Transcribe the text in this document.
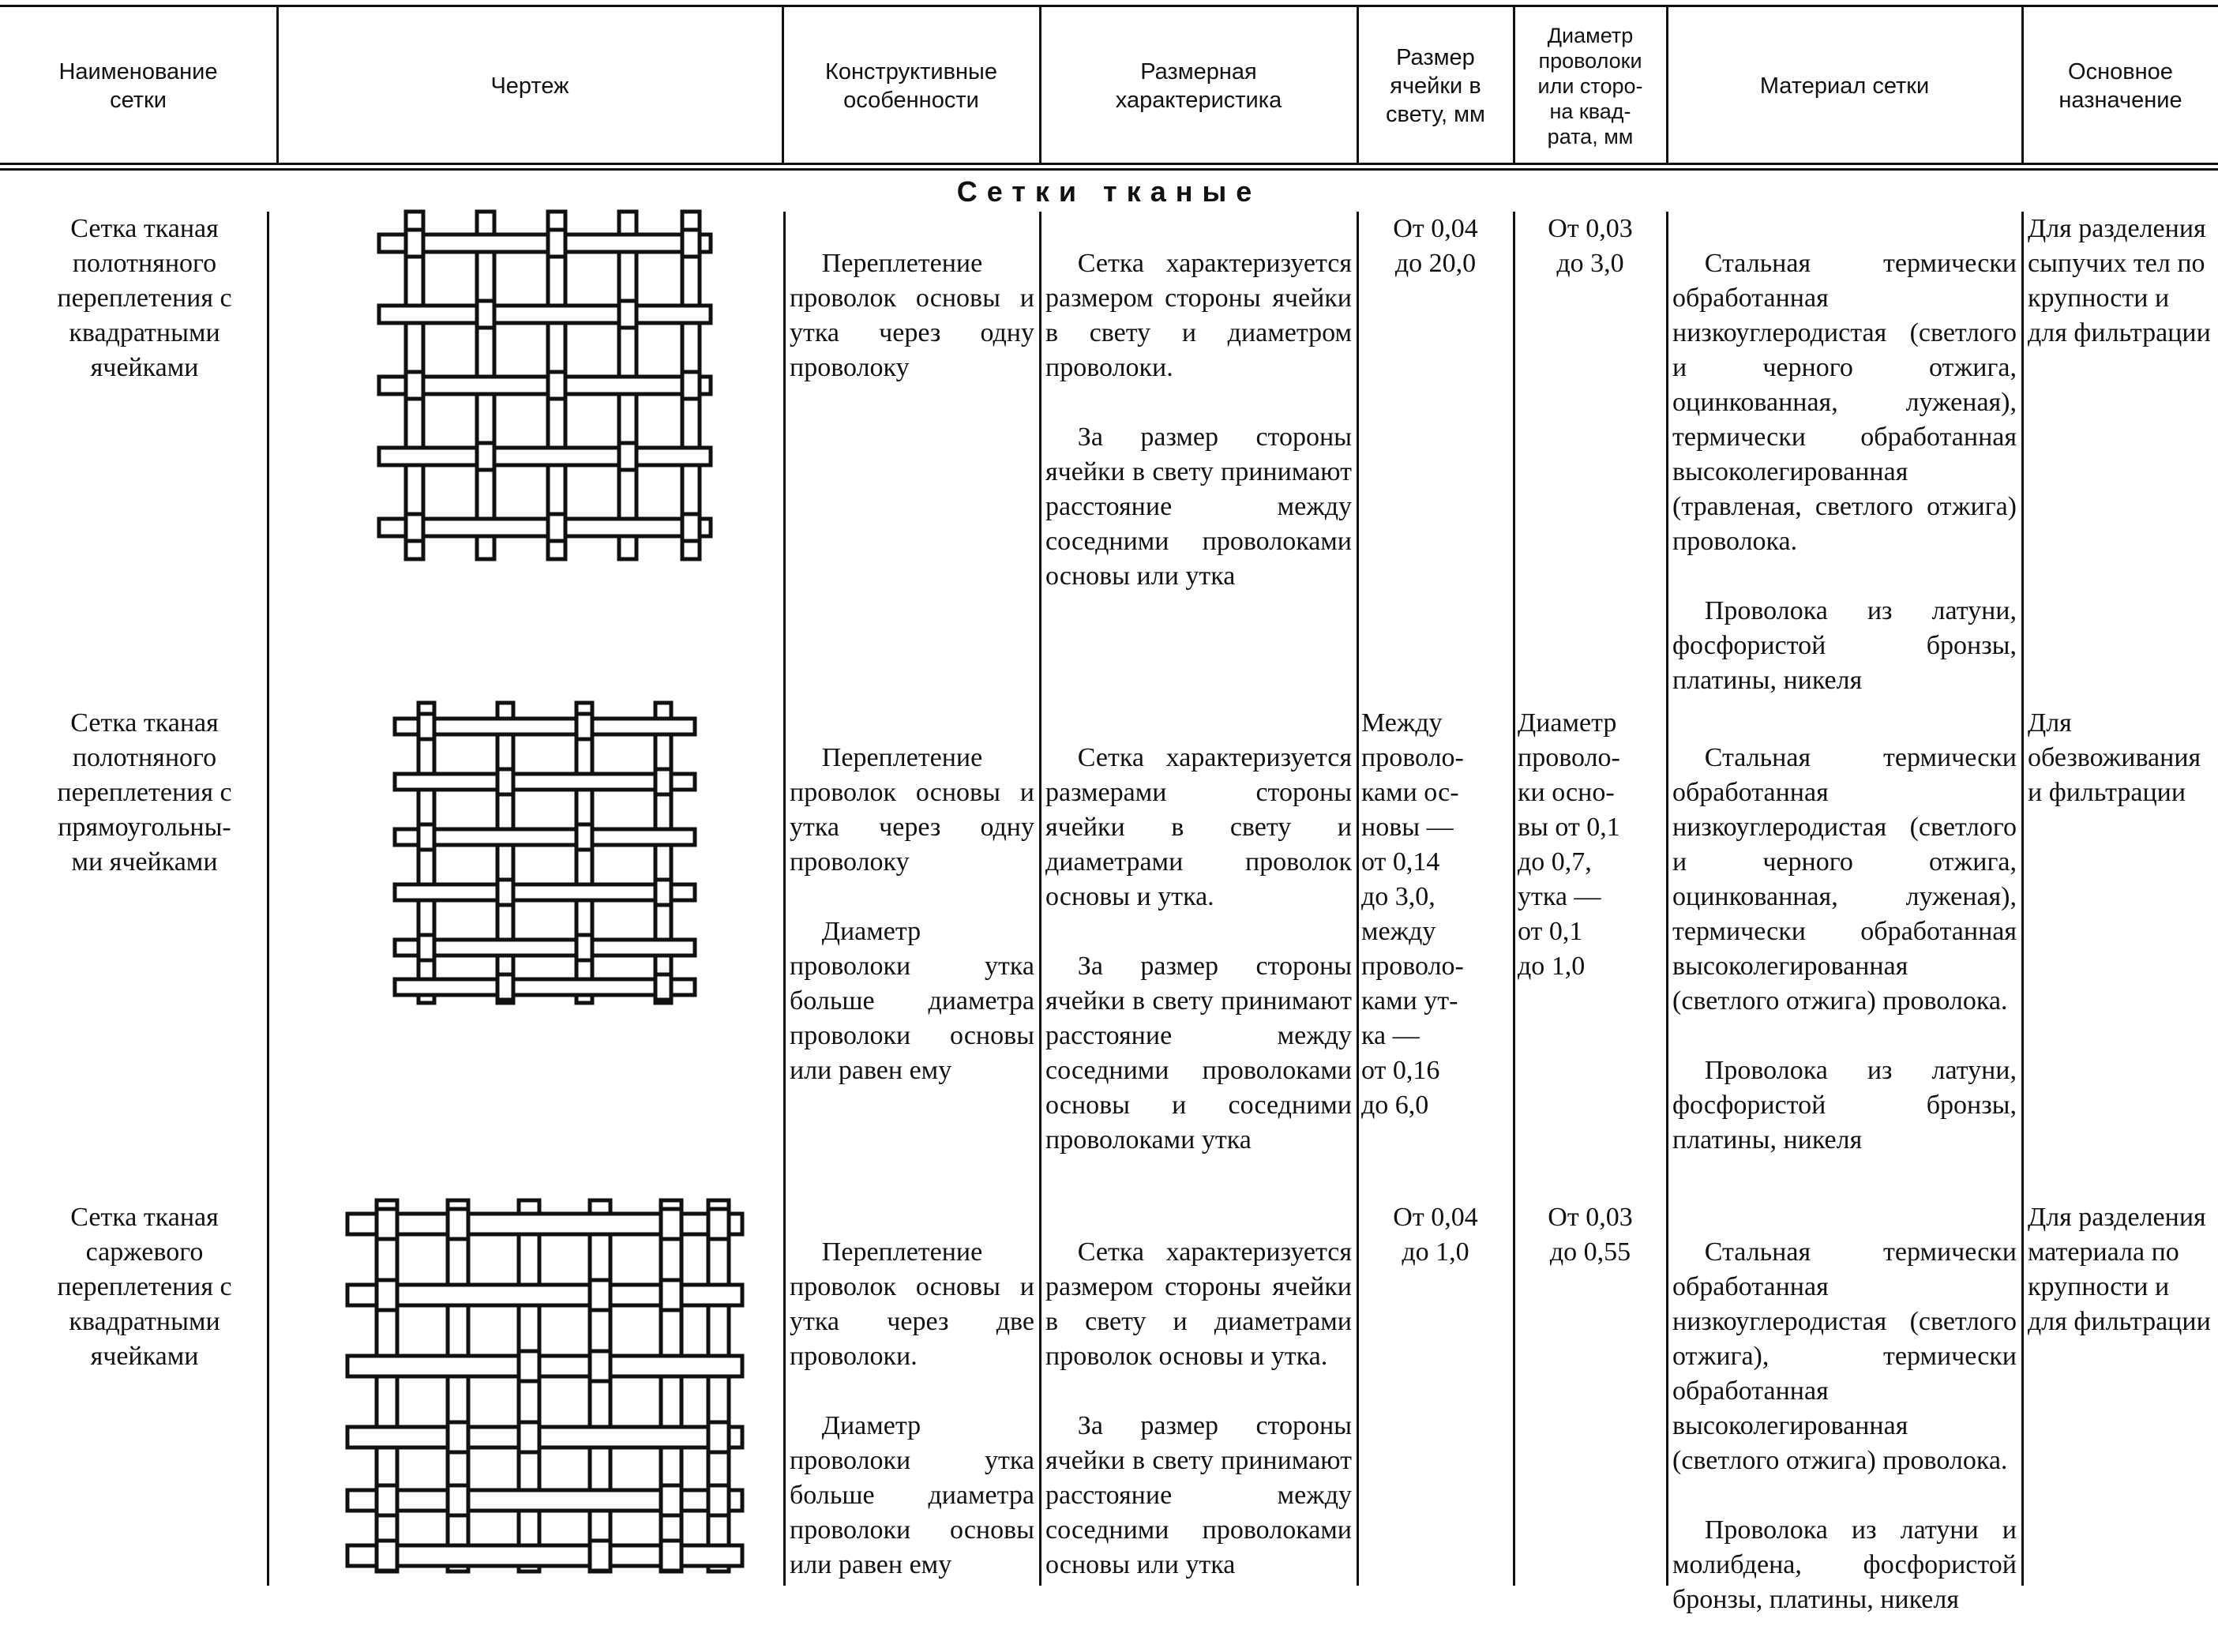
Наименование
сетки
Чертеж
Конструктивные
особенности
Размерная
характеристика
Размер
ячейки в
свету, мм
Диаметр
проволоки
или сторо-
на квад-
рата, мм
Материал сетки
Основное
назначение
Сетки тканые
Сетка тканая
полотняного
переплетения с
квадратными
ячейками

Переплетение проволок основы и утка через одну проволоку

Сетка характеризуется размером стороны ячейки в свету и диаметром проволоки.

За размер стороны ячейки в свету принимают расстояние между соседними проволоками основы или утка

От 0,04
до 20,0
От 0,03
до 3,0	Стальная термически обработанная низкоуглеродистая (светлого и черного отжига, оцинкованная, луженая), термически обработанная высоколегированная (травленая, светлого отжига) проволока.

Проволока из латуни, фосфористой бронзы, платины, никеля

Для разделения сыпучих тел по крупности и для фильтрации
Сетка тканая
полотняного
переплетения с
прямоугольны-
ми ячейками

Переплетение проволок основы и утка через одну проволоку

Диаметр проволоки утка больше диаметра проволоки основы или равен ему

Сетка характеризуется размерами стороны ячейки в свету и диаметрами проволок основы и утка.

За размер стороны ячейки в свету принимают расстояние между соседними проволоками основы и соседними проволоками утка

Между
проволо-
ками ос-
новы —
от 0,14
до 3,0,
между
проволо-
ками ут-
ка —
от 0,16
до 6,0
Диаметр
проволо-
ки осно-
вы от 0,1
до 0,7,
утка —
от 0,1
до 1,0

Стальная термически обработанная низкоуглеродистая (светлого и черного отжига, оцинкованная, луженая), термически обработанная высоколегированная (светлого отжига) проволока.

Проволока из латуни, фосфористой бронзы, платины, никеля

Для обезвоживания и фильтрации
Сетка тканая
саржевого
переплетения с
квадратными
ячейками

Переплетение проволок основы и утка через две проволоки.

Диаметр проволоки утка больше диаметра проволоки основы или равен ему

Сетка характеризуется размером стороны ячейки в свету и диаметрами проволок основы и утка.

За размер стороны ячейки в свету принимают расстояние между соседними проволоками основы или утка

От 0,04
до 1,0
От 0,03
до 0,55	Стальная термически обработанная низкоуглеродистая (светлого отжига), термически обработанная высоколегированная (светлого отжига) проволока.

Проволока из латуни и молибдена, фосфористой бронзы, платины, никеля

Для разделения материала по крупности и для фильтрации
